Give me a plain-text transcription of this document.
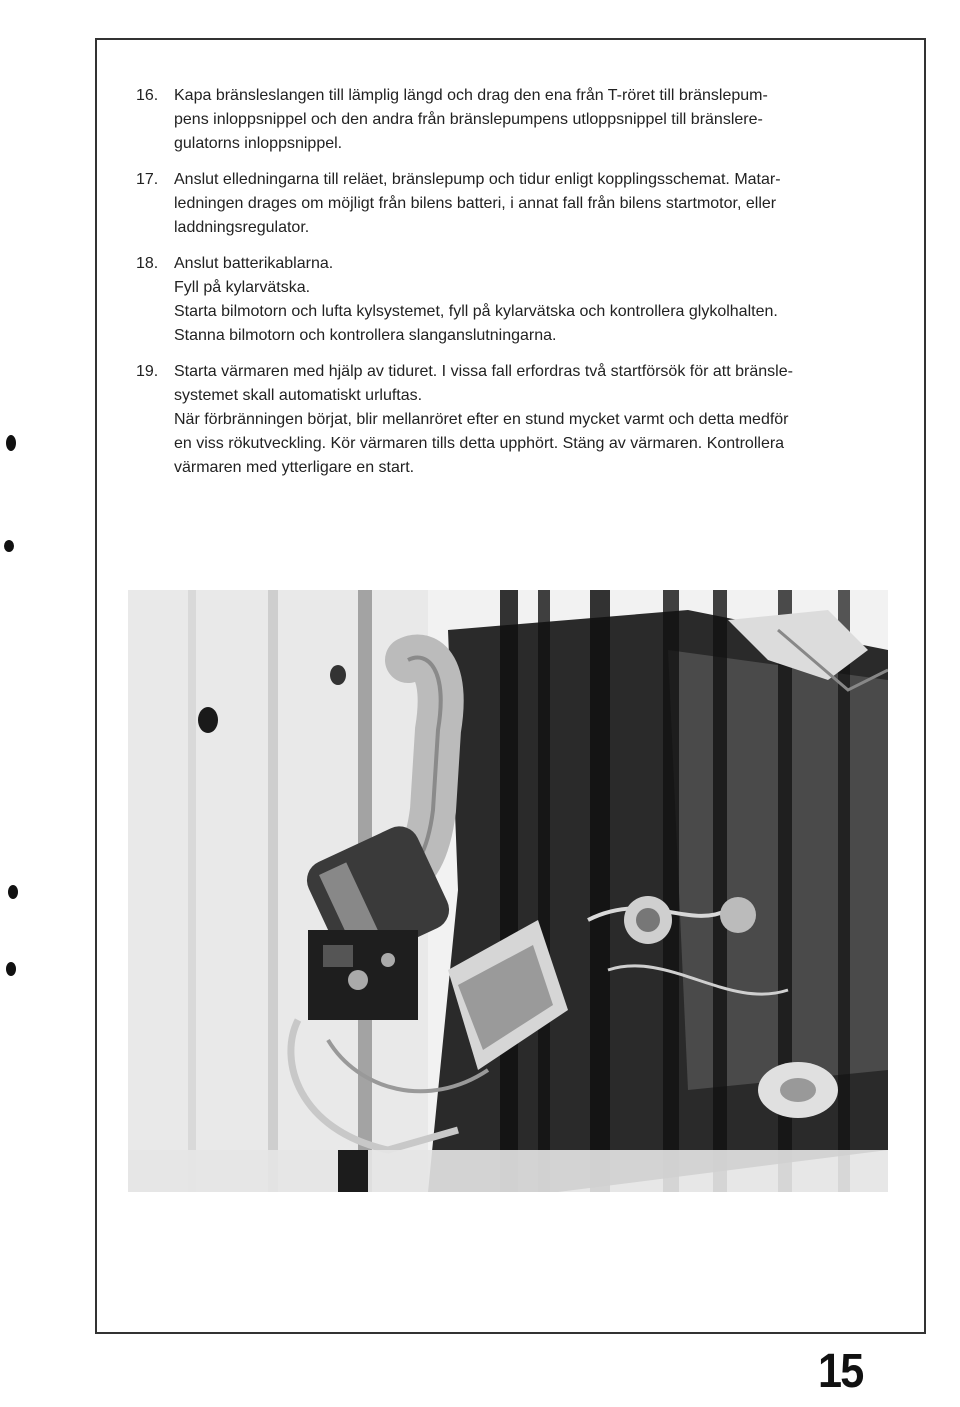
16. Kapa bränsleslangen till lämplig längd och drag den ena från T-röret till bränslepum-
pens inloppsnippel och den andra från bränslepumpens utloppsnippel till bränslere-
gulatorns inloppsnippel.
17. Anslut elledningarna till reläet, bränslepump och tidur enligt kopplingsschemat. Matar-
ledningen drages om möjligt från bilens batteri, i annat fall från bilens startmotor, eller
laddningsregulator.
18. Anslut batterikablarna.
Fyll på kylarvätska.
Starta bilmotorn och lufta kylsystemet, fyll på kylarvätska och kontrollera glykolhalten.
Stanna bilmotorn och kontrollera slanganslutningarna.
19. Starta värmaren med hjälp av tiduret. I vissa fall erfordras två startförsök för att bränsle-
systemet skall automatiskt urluftas.
När förbränningen börjat, blir mellanröret efter en stund mycket varmt och detta medför
en viss rökutveckling. Kör värmaren tills detta upphört. Stäng av värmaren. Kontrollera
värmaren med ytterligare en start.
15
